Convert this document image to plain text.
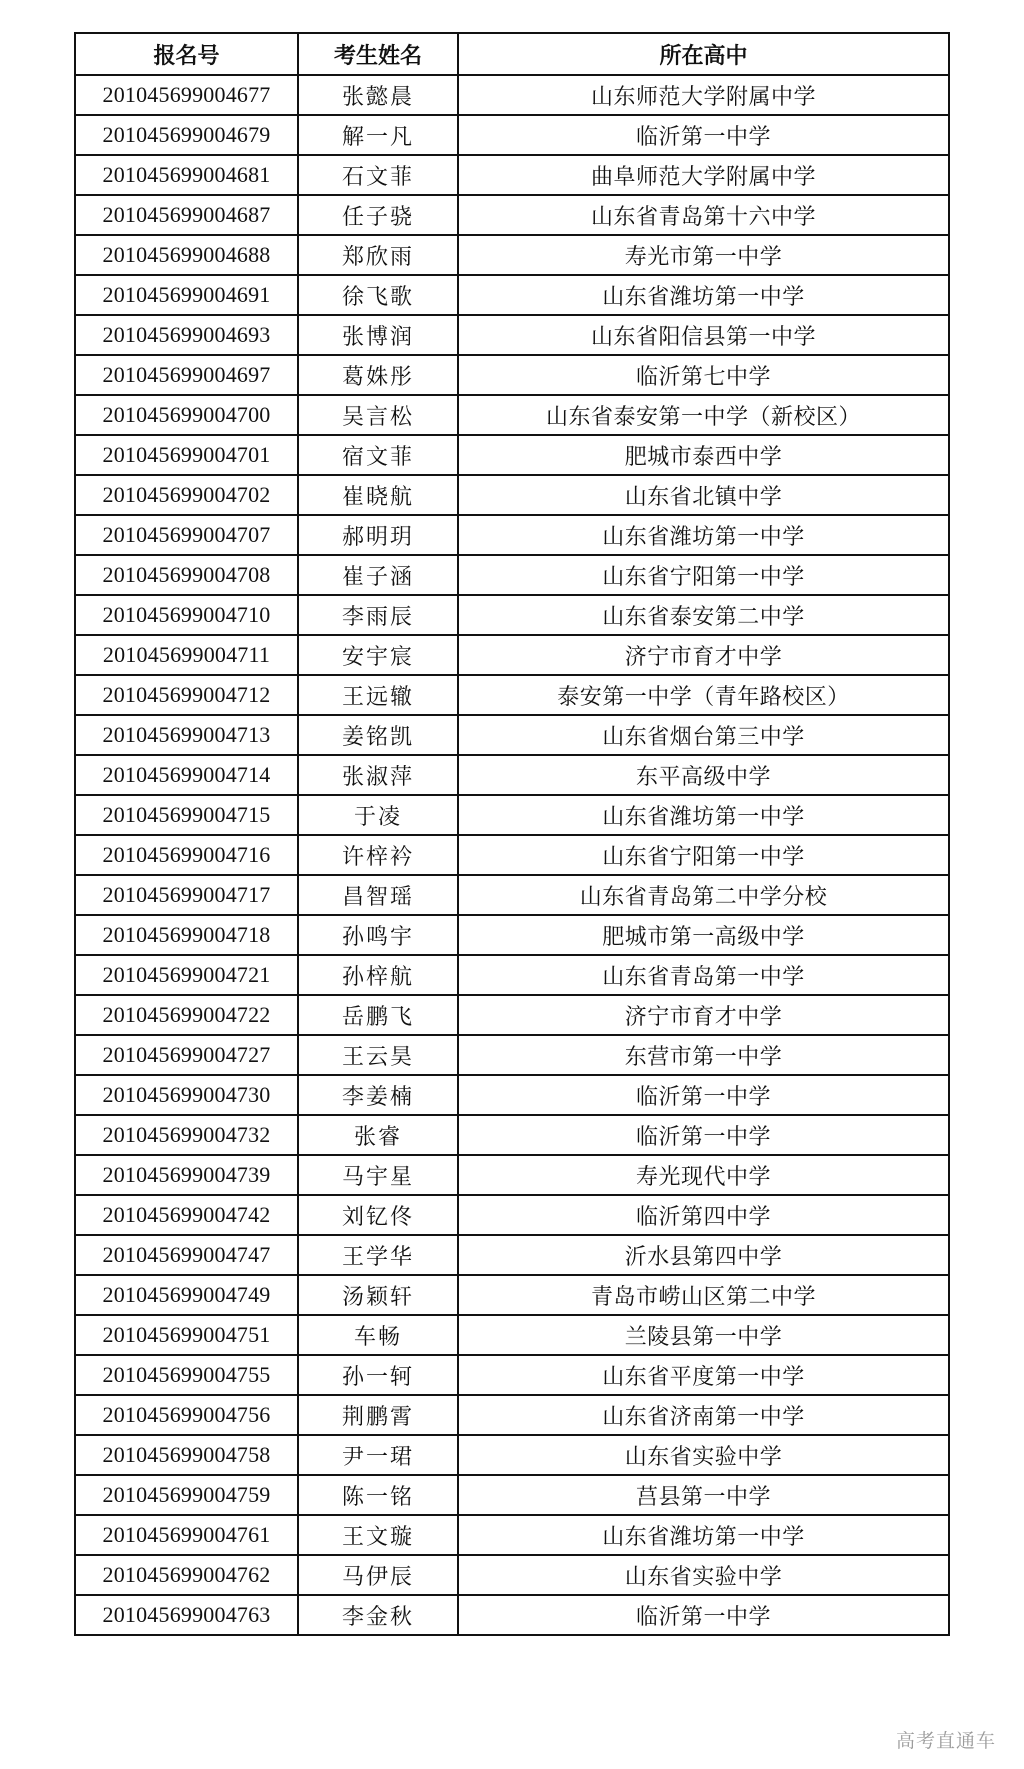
报名号	考生姓名	所在高中
201045699004677	张懿晨	山东师范大学附属中学
201045699004679	解一凡	临沂第一中学
201045699004681	石文菲	曲阜师范大学附属中学
201045699004687	任子骁	山东省青岛第十六中学
201045699004688	郑欣雨	寿光市第一中学
201045699004691	徐飞歌	山东省潍坊第一中学
201045699004693	张博润	山东省阳信县第一中学
201045699004697	葛姝彤	临沂第七中学
201045699004700	吴言松	山东省泰安第一中学（新校区）
201045699004701	宿文菲	肥城市泰西中学
201045699004702	崔晓航	山东省北镇中学
201045699004707	郝明玥	山东省潍坊第一中学
201045699004708	崔子涵	山东省宁阳第一中学
201045699004710	李雨辰	山东省泰安第二中学
201045699004711	安宇宸	济宁市育才中学
201045699004712	王远辙	泰安第一中学（青年路校区）
201045699004713	姜铭凯	山东省烟台第三中学
201045699004714	张淑萍	东平高级中学
201045699004715	于凌	山东省潍坊第一中学
201045699004716	许梓衿	山东省宁阳第一中学
201045699004717	昌智瑶	山东省青岛第二中学分校
201045699004718	孙鸣宇	肥城市第一高级中学
201045699004721	孙梓航	山东省青岛第一中学
201045699004722	岳鹏飞	济宁市育才中学
201045699004727	王云昊	东营市第一中学
201045699004730	李姜楠	临沂第一中学
201045699004732	张睿	临沂第一中学
201045699004739	马宇星	寿光现代中学
201045699004742	刘钇佟	临沂第四中学
201045699004747	王学华	沂水县第四中学
201045699004749	汤颖轩	青岛市崂山区第二中学
201045699004751	车畅	兰陵县第一中学
201045699004755	孙一轲	山东省平度第一中学
201045699004756	荆鹏霄	山东省济南第一中学
201045699004758	尹一珺	山东省实验中学
201045699004759	陈一铭	莒县第一中学
201045699004761	王文璇	山东省潍坊第一中学
201045699004762	马伊辰	山东省实验中学
201045699004763	李金秋	临沂第一中学
高考直通车
